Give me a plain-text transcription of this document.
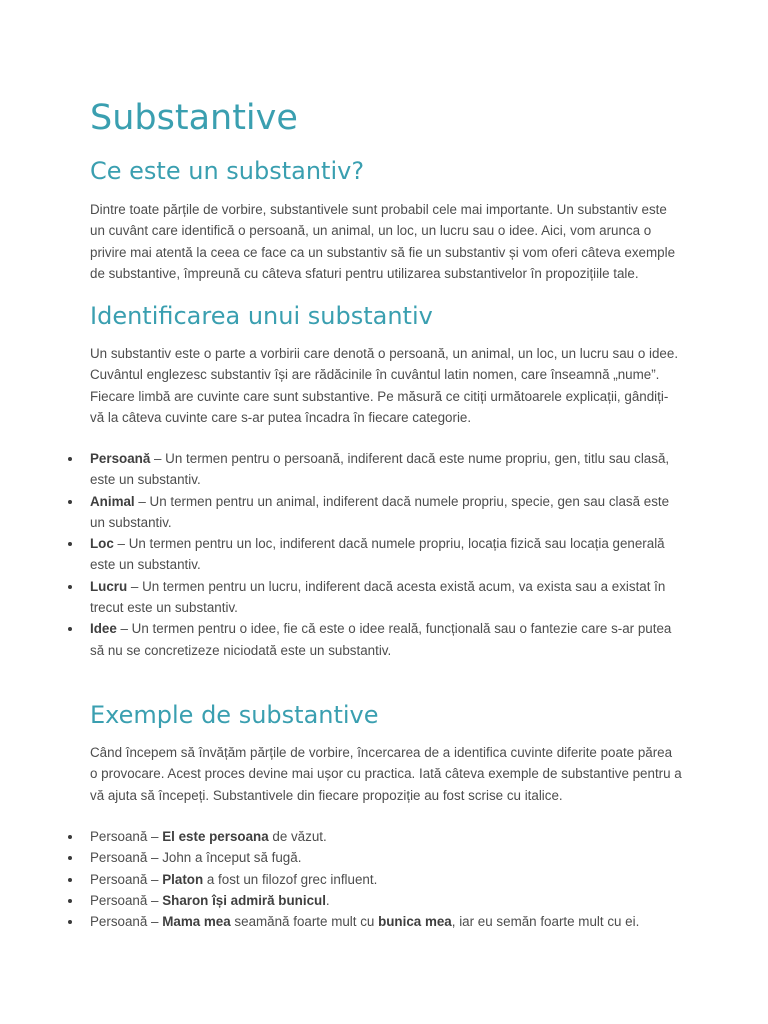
Substantive
Ce este un substantiv?

Dintre toate părțile de vorbire, substantivele sunt probabil cele mai importante. Un substantiv este un cuvânt care identifică o persoană, un animal, un loc, un lucru sau o idee. Aici, vom arunca o privire mai atentă la ceea ce face ca un substantiv să fie un substantiv și vom oferi câteva exemple de substantive, împreună cu câteva sfaturi pentru utilizarea substantivelor în propozițiile tale.

Identificarea unui substantiv

Un substantiv este o parte a vorbirii care denotă o persoană, un animal, un loc, un lucru sau o idee. Cuvântul englezesc substantiv își are rădăcinile în cuvântul latin nomen, care înseamnă „nume”. Fiecare limbă are cuvinte care sunt substantive. Pe măsură ce citiți următoarele explicații, gândiți-vă la câteva cuvinte care s-ar putea încadra în fiecare categorie.

Persoană – Un termen pentru o persoană, indiferent dacă este nume propriu, gen, titlu sau clasă, este un substantiv.
Animal – Un termen pentru un animal, indiferent dacă numele propriu, specie, gen sau clasă este un substantiv.
Loc – Un termen pentru un loc, indiferent dacă numele propriu, locația fizică sau locația generală este un substantiv.
Lucru – Un termen pentru un lucru, indiferent dacă acesta există acum, va exista sau a existat în trecut este un substantiv.
Idee – Un termen pentru o idee, fie că este o idee reală, funcțională sau o fantezie care s-ar putea să nu se concretizeze niciodată este un substantiv.
Exemple de substantive

Când începem să învățăm părțile de vorbire, încercarea de a identifica cuvinte diferite poate părea o provocare. Acest proces devine mai ușor cu practica. Iată câteva exemple de substantive pentru a vă ajuta să începeți. Substantivele din fiecare propoziție au fost scrise cu italice.

Persoană – El este persoana de văzut.
Persoană – John a început să fugă.
Persoană – Platon a fost un filozof grec influent.
Persoană – Sharon își admiră bunicul.
Persoană – Mama mea seamănă foarte mult cu bunica mea, iar eu semăn foarte mult cu ei.
